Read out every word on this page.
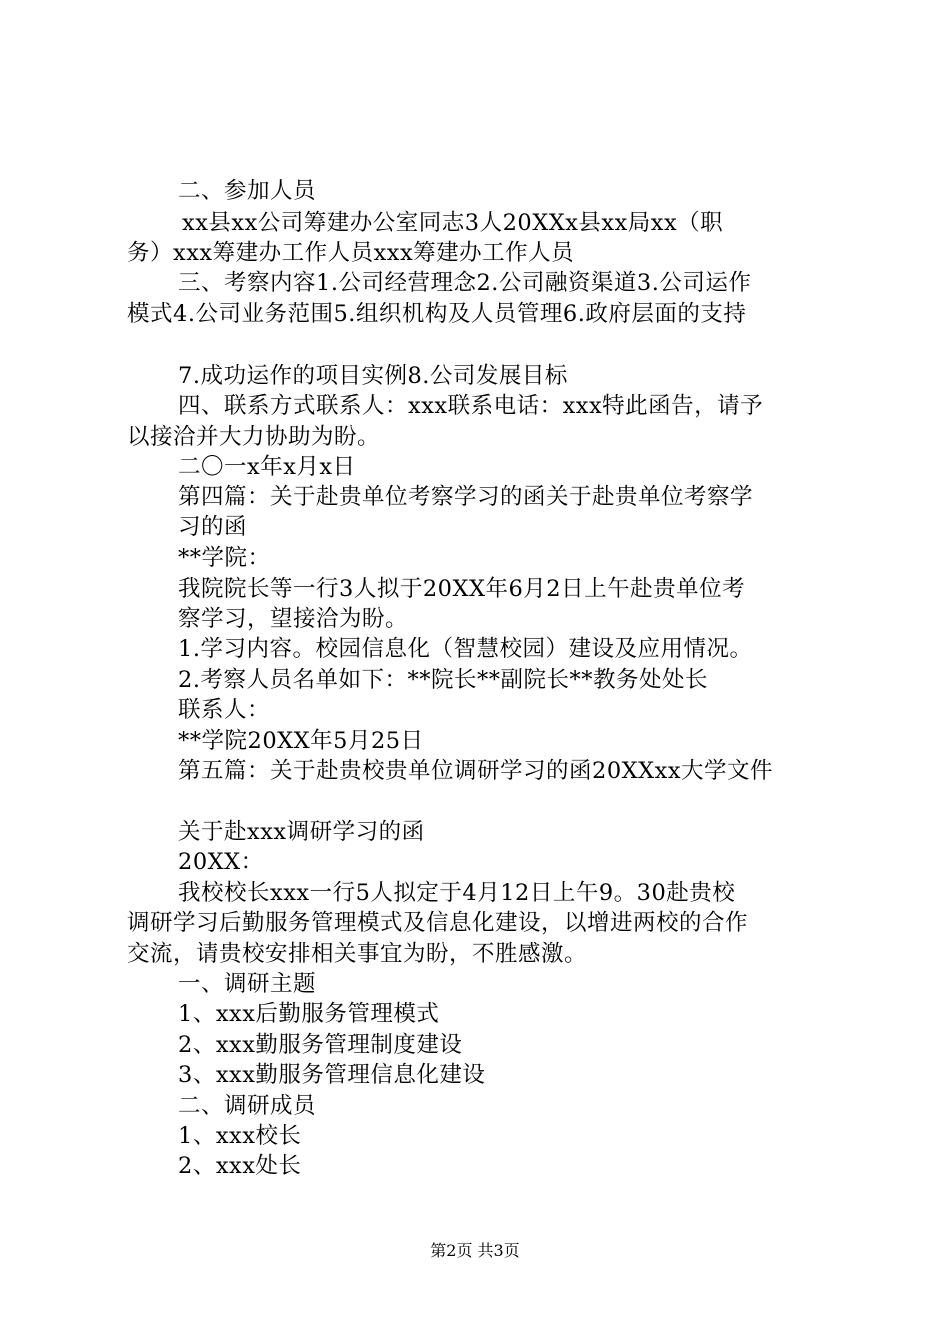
二、参加人员
xx县xx公司筹建办公室同志3人20XXx县xx局xx（职
务）xxx筹建办工作人员xxx筹建办工作人员
三、考察内容1.公司经营理念2.公司融资渠道3.公司运作
模式4.公司业务范围5.组织机构及人员管理6.政府层面的支持
7.成功运作的项目实例8.公司发展目标
四、联系方式联系人：xxx联系电话：xxx特此函告，请予
以接洽并大力协助为盼。
二〇一x年x月x日
第四篇：关于赴贵单位考察学习的函关于赴贵单位考察学
习的函
**学院：
我院院长等一行3人拟于20XX年6月2日上午赴贵单位考
察学习，望接洽为盼。
1.学习内容。校园信息化（智慧校园）建设及应用情况。
2.考察人员名单如下：**院长**副院长**教务处处长
联系人：
**学院20XX年5月25日
第五篇：关于赴贵校贵单位调研学习的函20XXxx大学文件
关于赴xxx调研学习的函
20XX：
我校校长xxx一行5人拟定于4月12日上午9。30赴贵校
调研学习后勤服务管理模式及信息化建设，以增进两校的合作
交流，请贵校安排相关事宜为盼，不胜感激。
一、调研主题
1、xxx后勤服务管理模式
2、xxx勤服务管理制度建设
3、xxx勤服务管理信息化建设
二、调研成员
1、xxx校长
2、xxx处长
第2页 共3页
